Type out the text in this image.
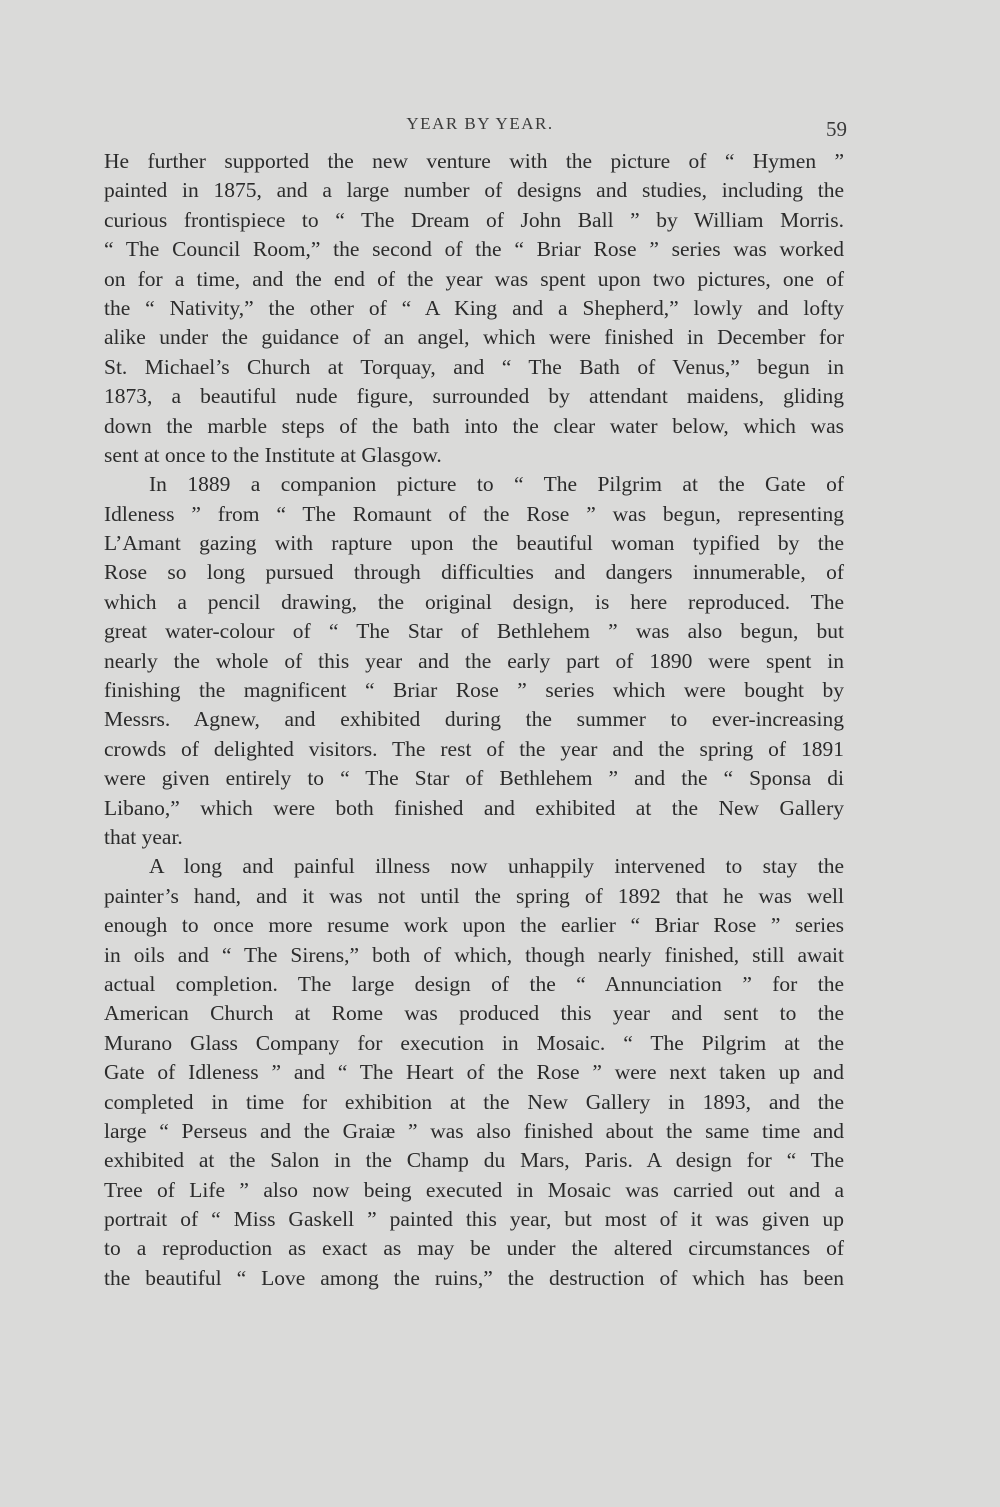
YEAR BY YEAR.	59
He further supported the new venture with the picture of “ Hymen ”
painted in 1875, and a large number of designs and studies, including the
curious frontispiece to “ The Dream of John Ball ” by William Morris.
“ The Council Room,” the second of the “ Briar Rose ” series was worked
on for a time, and the end of the year was spent upon two pictures, one of
the “ Nativity,” the other of “ A King and a Shepherd,” lowly and lofty
alike under the guidance of an angel, which were finished in December for
St. Michael’s Church at Torquay, and “ The Bath of Venus,” begun in
1873, a beautiful nude figure, surrounded by attendant maidens, gliding
down the marble steps of the bath into the clear water below, which was
sent at once to the Institute at Glasgow.
In 1889 a companion picture to “ The Pilgrim at the Gate of
Idleness ” from “ The Romaunt of the Rose ” was begun, representing
L’Amant gazing with rapture upon the beautiful woman typified by the
Rose so long pursued through difficulties and dangers innumerable, of
which a pencil drawing, the original design, is here reproduced. The
great water-colour of “ The Star of Bethlehem ” was also begun, but
nearly the whole of this year and the early part of 1890 were spent in
finishing the magnificent “ Briar Rose ” series which were bought by
Messrs. Agnew, and exhibited during the summer to ever-increasing
crowds of delighted visitors. The rest of the year and the spring of 1891
were given entirely to “ The Star of Bethlehem ” and the “ Sponsa di
Libano,” which were both finished and exhibited at the New Gallery
that year.
A long and painful illness now unhappily intervened to stay the
painter’s hand, and it was not until the spring of 1892 that he was well
enough to once more resume work upon the earlier “ Briar Rose ” series
in oils and “ The Sirens,” both of which, though nearly finished, still await
actual completion. The large design of the “ Annunciation ” for the
American Church at Rome was produced this year and sent to the
Murano Glass Company for execution in Mosaic. “ The Pilgrim at the
Gate of Idleness ” and “ The Heart of the Rose ” were next taken up and
completed in time for exhibition at the New Gallery in 1893, and the
large “ Perseus and the Graiæ ” was also finished about the same time and
exhibited at the Salon in the Champ du Mars, Paris. A design for “ The
Tree of Life ” also now being executed in Mosaic was carried out and a
portrait of “ Miss Gaskell ” painted this year, but most of it was given up
to a reproduction as exact as may be under the altered circumstances of
the beautiful “ Love among the ruins,” the destruction of which has been
